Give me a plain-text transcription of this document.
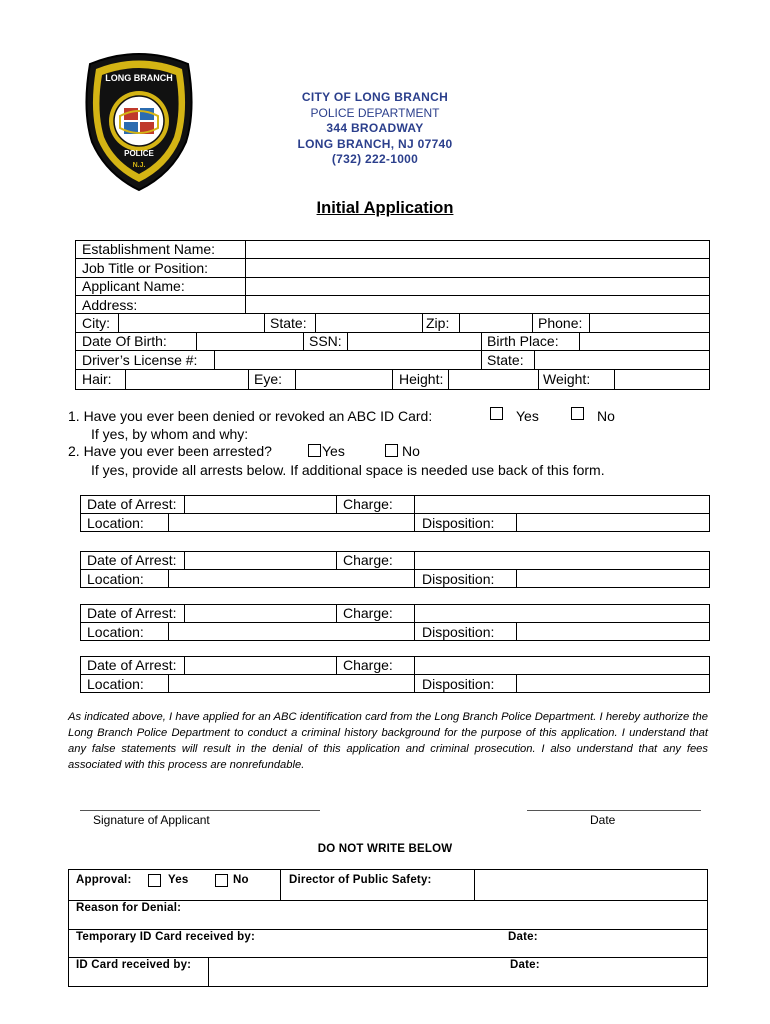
LONG BRANCH
POLICE
N.J.
CITY OF LONG BRANCH
POLICE DEPARTMENT
344 BROADWAY
LONG BRANCH, NJ 07740
(732) 222-1000
Initial Application
Establishment Name:
Job Title or Position:
Applicant Name:
Address:
City:	State:	Zip:	Phone:
Date Of Birth:	SSN:	Birth Place:
Driver’s License #:	State:
Hair:	Eye:	Height:	Weight:
1. Have you ever been denied or revoked an ABC ID Card:	Yes	No
If yes, by whom and why:
2. Have you ever been arrested?	Yes	No
If yes, provide all arrests below. If additional space is needed use back of this form.
Date of Arrest:	Charge:
Location:	Disposition:
Date of Arrest:	Charge:
Location:	Disposition:
Date of Arrest:	Charge:
Location:	Disposition:
Date of Arrest:	Charge:
Location:	Disposition:
As indicated above, I have applied for an ABC identification card from the Long Branch Police Department. I hereby authorize the Long Branch Police Department to conduct a criminal history background for the purpose of this application. I understand that any false statements will result in the denial of this application and criminal prosecution. I also understand that any fees associated with this process are nonrefundable.
Signature of Applicant	Date
DO NOT WRITE BELOW
Approval:	Yes	No	Director of Public Safety:
Reason for Denial:
Temporary ID Card received by:	Date:
ID Card received by:	Date:
